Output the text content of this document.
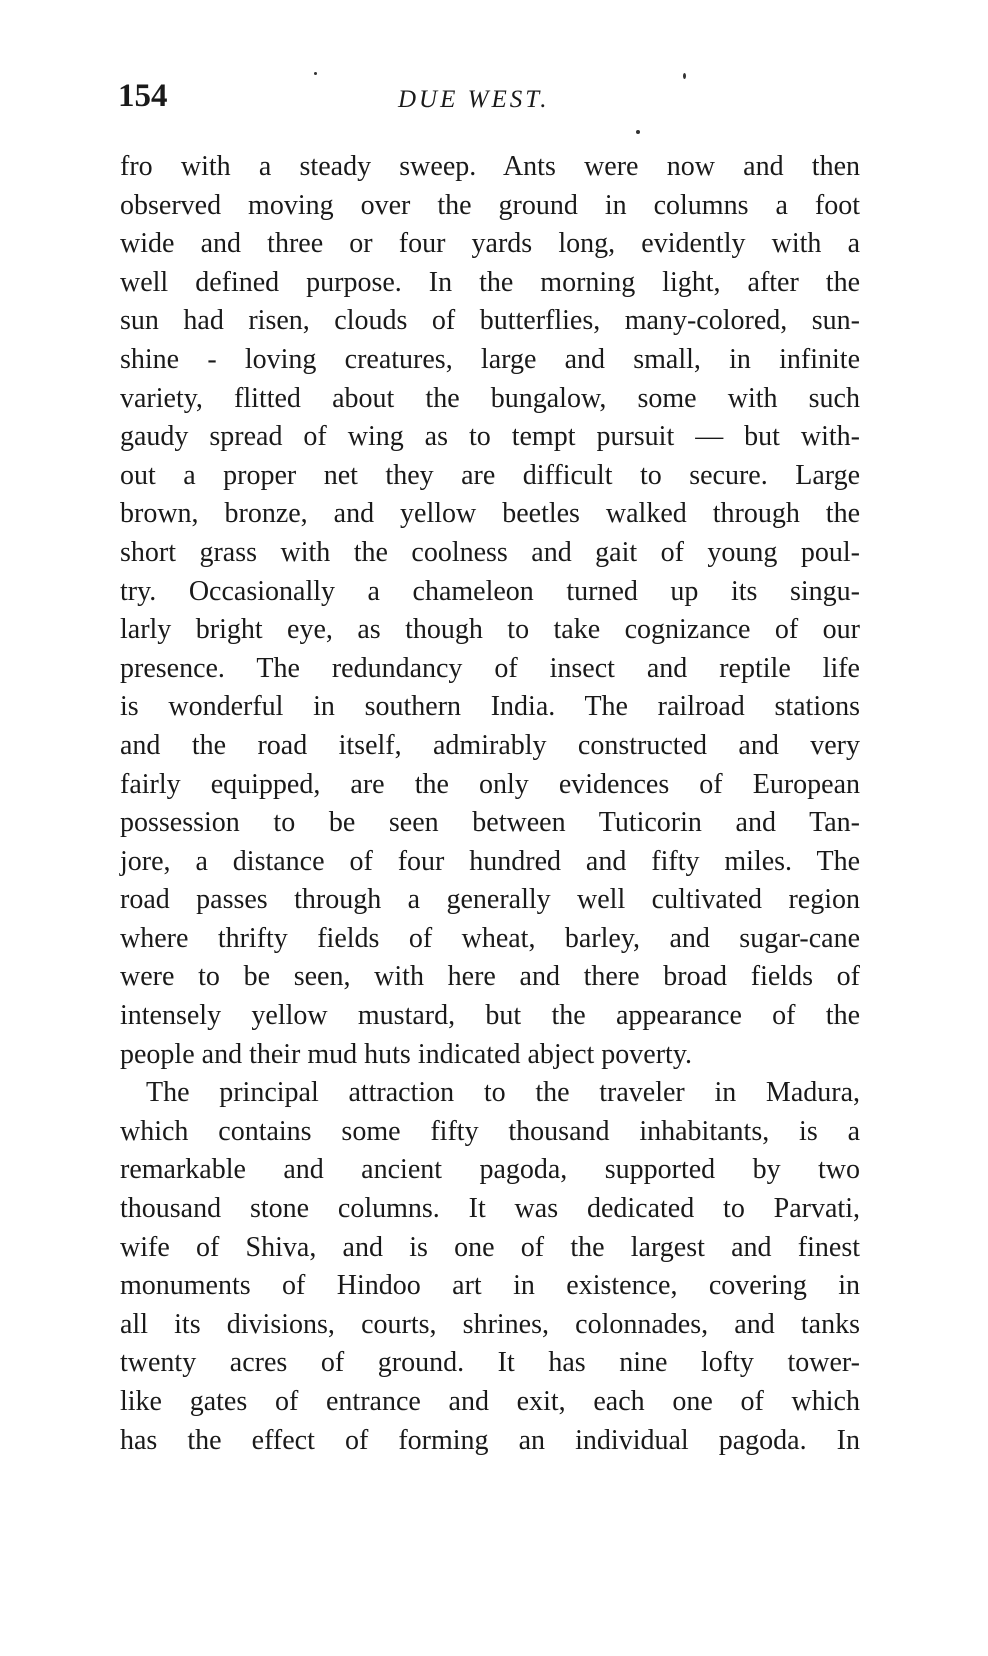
154	DUE WEST.
fro with a steady sweep. Ants were now and then
observed moving over the ground in columns a foot
wide and three or four yards long, evidently with a
well defined purpose. In the morning light, after the
sun had risen, clouds of butterflies, many-colored, sun-
shine - loving creatures, large and small, in infinite
variety, flitted about the bungalow, some with such
gaudy spread of wing as to tempt pursuit — but with-
out a proper net they are difficult to secure. Large
brown, bronze, and yellow beetles walked through the
short grass with the coolness and gait of young poul-
try. Occasionally a chameleon turned up its singu-
larly bright eye, as though to take cognizance of our
presence. The redundancy of insect and reptile life
is wonderful in southern India. The railroad stations
and the road itself, admirably constructed and very
fairly equipped, are the only evidences of European
possession to be seen between Tuticorin and Tan-
jore, a distance of four hundred and fifty miles. The
road passes through a generally well cultivated region
where thrifty fields of wheat, barley, and sugar-cane
were to be seen, with here and there broad fields of
intensely yellow mustard, but the appearance of the
people and their mud huts indicated abject poverty.
The principal attraction to the traveler in Madura,
which contains some fifty thousand inhabitants, is a
remarkable and ancient pagoda, supported by two
thousand stone columns. It was dedicated to Parvati,
wife of Shiva, and is one of the largest and finest
monuments of Hindoo art in existence, covering in
all its divisions, courts, shrines, colonnades, and tanks
twenty acres of ground. It has nine lofty tower-
like gates of entrance and exit, each one of which
has the effect of forming an individual pagoda. In
